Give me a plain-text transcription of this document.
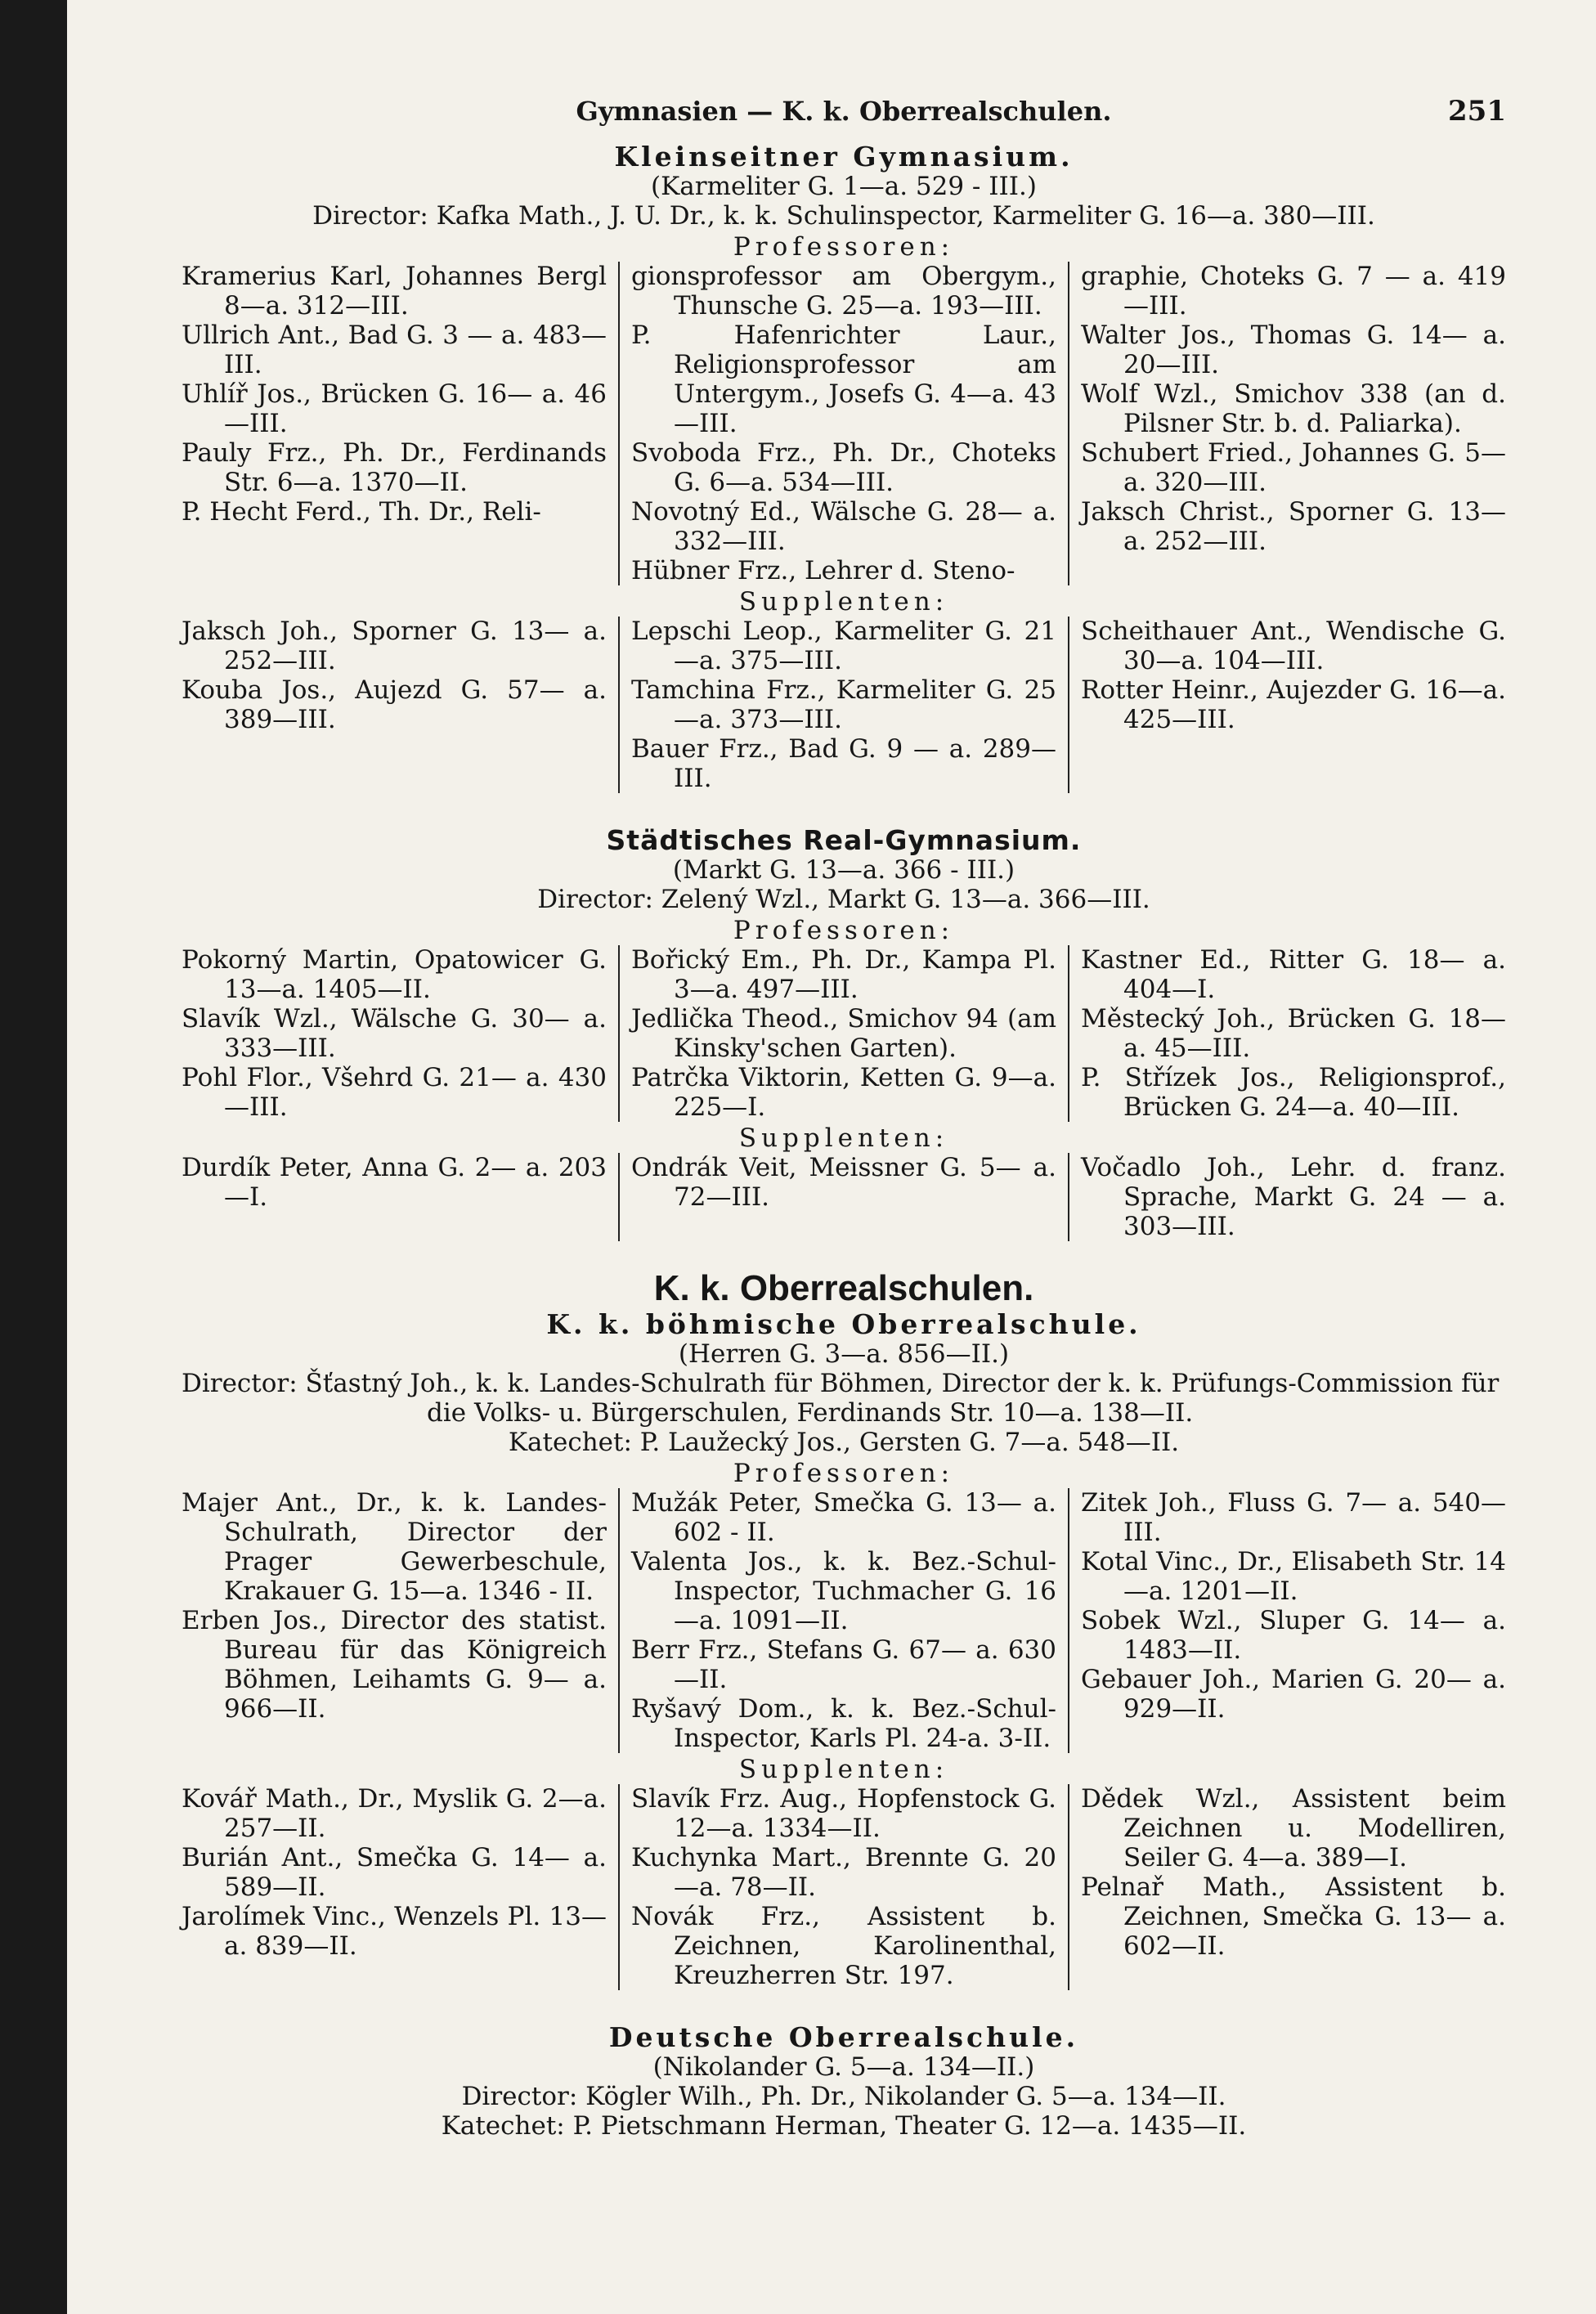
Gymnasien — K. k. Oberrealschulen.	251
Kleinseitner Gymnasium.
(Karmeliter G. 1—a. 529 - III.)
Director: Kafka Math., J. U. Dr., k. k. Schulinspector, Karmeliter G. 16—a. 380—III.
Professoren:
Kramerius Karl, Johannes Bergl 8—a. 312—III.
Ullrich Ant., Bad G. 3 — a. 483—III.
Uhlíř Jos., Brücken G. 16— a. 46—III.
Pauly Frz., Ph. Dr., Ferdinands Str. 6—a. 1370—II.
P. Hecht Ferd., Th. Dr., Reli-
gionsprofessor am Obergym., Thunsche G. 25—a. 193—III.
P. Hafenrichter Laur., Religionsprofessor am Untergym., Josefs G. 4—a. 43—III.
Svoboda Frz., Ph. Dr., Choteks G. 6—a. 534—III.
Novotný Ed., Wälsche G. 28— a. 332—III.
Hübner Frz., Lehrer d. Steno-
graphie, Choteks G. 7 — a. 419—III.
Walter Jos., Thomas G. 14— a. 20—III.
Wolf Wzl., Smichov 338 (an d. Pilsner Str. b. d. Paliarka).
Schubert Fried., Johannes G. 5—a. 320—III.
Jaksch Christ., Sporner G. 13— a. 252—III.
Supplenten:
Jaksch Joh., Sporner G. 13— a. 252—III.
Kouba Jos., Aujezd G. 57— a. 389—III.
Lepschi Leop., Karmeliter G. 21—a. 375—III.
Tamchina Frz., Karmeliter G. 25—a. 373—III.
Bauer Frz., Bad G. 9 — a. 289—III.
Scheithauer Ant., Wendische G. 30—a. 104—III.
Rotter Heinr., Aujezder G. 16—a. 425—III.
Städtisches Real-Gymnasium.
(Markt G. 13—a. 366 - III.)
Director: Zelený Wzl., Markt G. 13—a. 366—III.
Professoren:
Pokorný Martin, Opatowicer G. 13—a. 1405—II.
Slavík Wzl., Wälsche G. 30— a. 333—III.
Pohl Flor., Všehrd G. 21— a. 430—III.
Bořický Em., Ph. Dr., Kampa Pl. 3—a. 497—III.
Jedlička Theod., Smichov 94 (am Kinsky'schen Garten).
Patrčka Viktorin, Ketten G. 9—a. 225—I.
Kastner Ed., Ritter G. 18— a. 404—I.
Městecký Joh., Brücken G. 18—a. 45—III.
P. Střízek Jos., Religionsprof., Brücken G. 24—a. 40—III.
Supplenten:
Durdík Peter, Anna G. 2— a. 203—I.
Ondrák Veit, Meissner G. 5— a. 72—III.
Vočadlo Joh., Lehr. d. franz. Sprache, Markt G. 24 — a. 303—III.
K. k. Oberrealschulen.
K. k. böhmische Oberrealschule.
(Herren G. 3—a. 856—II.)
Director: Šťastný Joh., k. k. Landes-Schulrath für Böhmen, Director der k. k. Prüfungs-Commission für die Volks- u. Bürgerschulen, Ferdinands Str. 10—a. 138—II.
Katechet: P. Laužecký Jos., Gersten G. 7—a. 548—II.
Professoren:
Majer Ant., Dr., k. k. Landes-Schulrath, Director der Prager Gewerbeschule, Krakauer G. 15—a. 1346 - II.
Erben Jos., Director des statist. Bureau für das Königreich Böhmen, Leihamts G. 9— a. 966—II.
Mužák Peter, Smečka G. 13— a. 602 - II.
Valenta Jos., k. k. Bez.-Schul-Inspector, Tuchmacher G. 16—a. 1091—II.
Berr Frz., Stefans G. 67— a. 630—II.
Ryšavý Dom., k. k. Bez.-Schul-Inspector, Karls Pl. 24-a. 3-II.
Zitek Joh., Fluss G. 7— a. 540—III.
Kotal Vinc., Dr., Elisabeth Str. 14—a. 1201—II.
Sobek Wzl., Sluper G. 14— a. 1483—II.
Gebauer Joh., Marien G. 20— a. 929—II.
Supplenten:
Kovář Math., Dr., Myslik G. 2—a. 257—II.
Burián Ant., Smečka G. 14— a. 589—II.
Jarolímek Vinc., Wenzels Pl. 13—a. 839—II.
Slavík Frz. Aug., Hopfenstock G. 12—a. 1334—II.
Kuchynka Mart., Brennte G. 20—a. 78—II.
Novák Frz., Assistent b. Zeichnen, Karolinenthal, Kreuzherren Str. 197.
Dědek Wzl., Assistent beim Zeichnen u. Modelliren, Seiler G. 4—a. 389—I.
Pelnař Math., Assistent b. Zeichnen, Smečka G. 13— a. 602—II.
Deutsche Oberrealschule.
(Nikolander G. 5—a. 134—II.)
Director: Kögler Wilh., Ph. Dr., Nikolander G. 5—a. 134—II.
Katechet: P. Pietschmann Herman, Theater G. 12—a. 1435—II.
